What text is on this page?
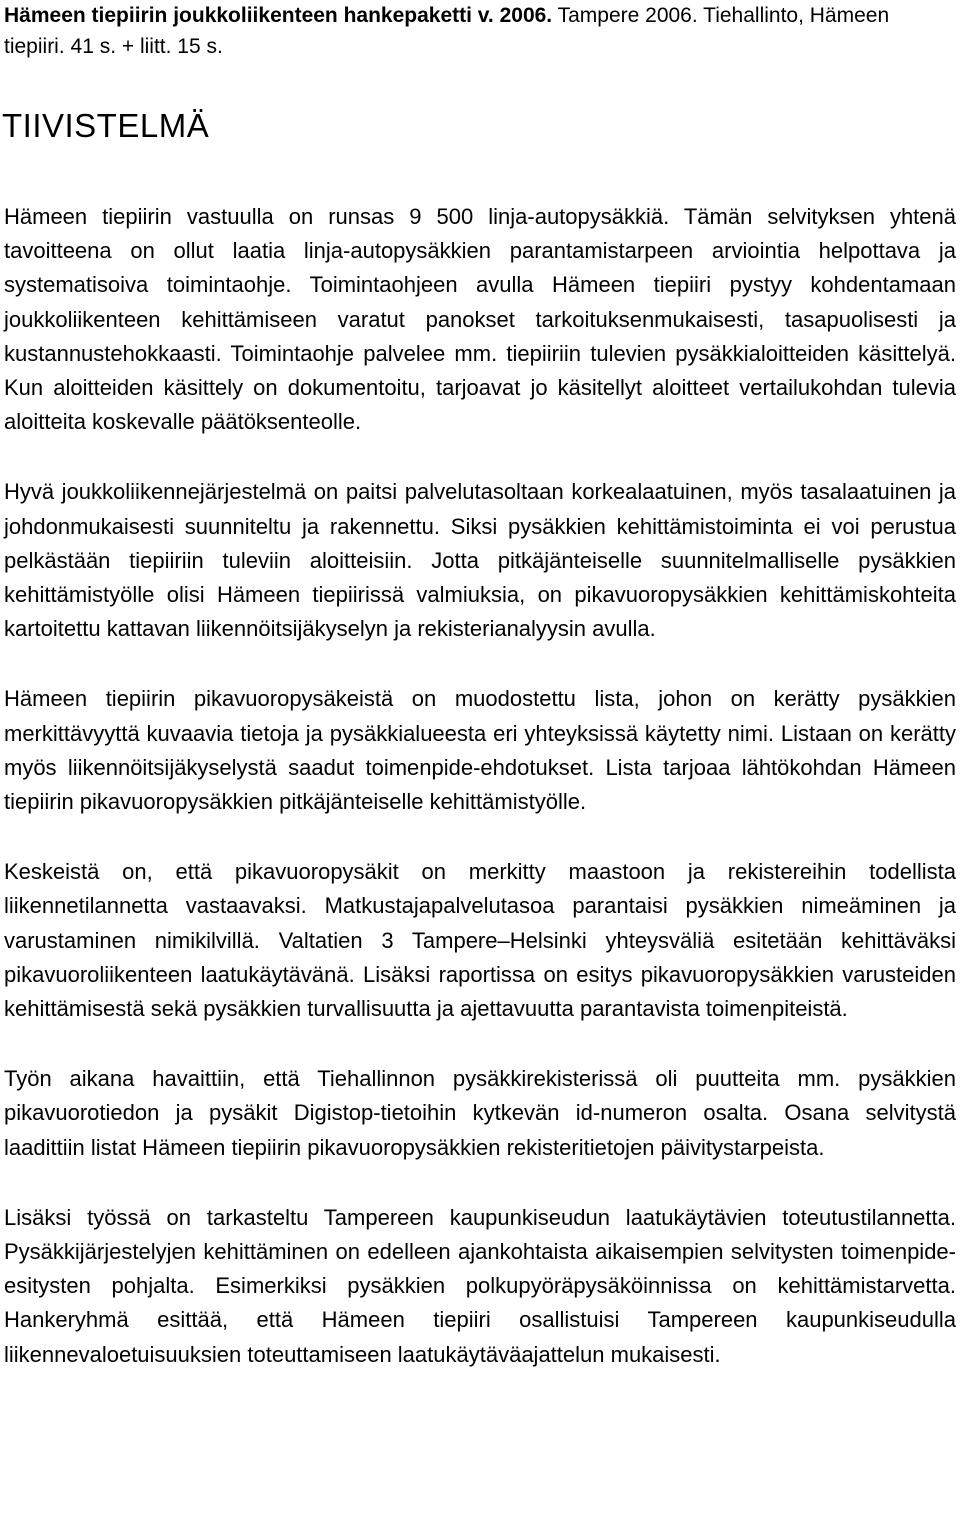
Hämeen tiepiirin joukkoliikenteen hankepaketti v. 2006. Tampere 2006. Tiehallinto, Hämeen tiepiiri. 41 s. + liitt. 15 s.
TIIVISTELMÄ

Hämeen tiepiirin vastuulla on runsas 9 500 linja-autopysäkkiä. Tämän selvityksen yhtenä tavoitteena on ollut laatia linja-autopysäkkien parantamistarpeen arviointia helpottava ja systematisoiva toimintaohje. Toimintaohjeen avulla Hämeen tiepiiri pystyy kohdentamaan joukkoliikenteen kehittämiseen varatut panokset tarkoituksenmukaisesti, tasapuolisesti ja kustannustehokkaasti. Toimintaohje palvelee mm. tiepiiriin tulevien pysäkkialoitteiden käsittelyä. Kun aloitteiden käsittely on dokumentoitu, tarjoavat jo käsitellyt aloitteet vertailukohdan tulevia aloitteita koskevalle päätöksenteolle.

Hyvä joukkoliikennejärjestelmä on paitsi palvelutasoltaan korkealaatuinen, myös tasalaatuinen ja johdonmukaisesti suunniteltu ja rakennettu. Siksi pysäkkien kehittämistoiminta ei voi perustua pelkästään tiepiiriin tuleviin aloitteisiin. Jotta pitkäjänteiselle suunnitelmalliselle pysäkkien kehittämistyölle olisi Hämeen tiepiirissä valmiuksia, on pikavuoropysäkkien kehittämiskohteita kartoitettu kattavan liikennöitsijäkyselyn ja rekisterianalyysin avulla.

Hämeen tiepiirin pikavuoropysäkeistä on muodostettu lista, johon on kerätty pysäkkien merkittävyyttä kuvaavia tietoja ja pysäkkialueesta eri yhteyksissä käytetty nimi. Listaan on kerätty myös liikennöitsijäkyselystä saadut toimenpide-ehdotukset. Lista tarjoaa lähtökohdan Hämeen tiepiirin pikavuoropysäkkien pitkäjänteiselle kehittämistyölle.

Keskeistä on, että pikavuoropysäkit on merkitty maastoon ja rekistereihin todellista liikennetilannetta vastaavaksi. Matkustajapalvelutasoa parantaisi pysäkkien nimeäminen ja varustaminen nimikilvillä. Valtatien 3 Tampere–Helsinki yhteysväliä esitetään kehittäväksi pikavuoroliikenteen laatukäytävänä. Lisäksi raportissa on esitys pikavuoropysäkkien varusteiden kehittämisestä sekä pysäkkien turvallisuutta ja ajettavuutta parantavista toimenpiteistä.

Työn aikana havaittiin, että Tiehallinnon pysäkkirekisterissä oli puutteita mm. pysäkkien pikavuorotiedon ja pysäkit Digistop-tietoihin kytkevän id-numeron osalta. Osana selvitystä laadittiin listat Hämeen tiepiirin pikavuoropysäkkien rekisteritietojen päivitystarpeista.

Lisäksi työssä on tarkasteltu Tampereen kaupunkiseudun laatukäytävien toteutustilannetta. Pysäkkijärjestelyjen kehittäminen on edelleen ajankohtaista aikaisempien selvitysten toimenpide-esitysten pohjalta. Esimerkiksi pysäkkien polkupyöräpysäköinnissa on kehittämistarvetta. Hankeryhmä esittää, että Hämeen tiepiiri osallistuisi Tampereen kaupunkiseudulla liikennevaloetuisuuksien toteuttamiseen laatukäytäväajattelun mukaisesti.
